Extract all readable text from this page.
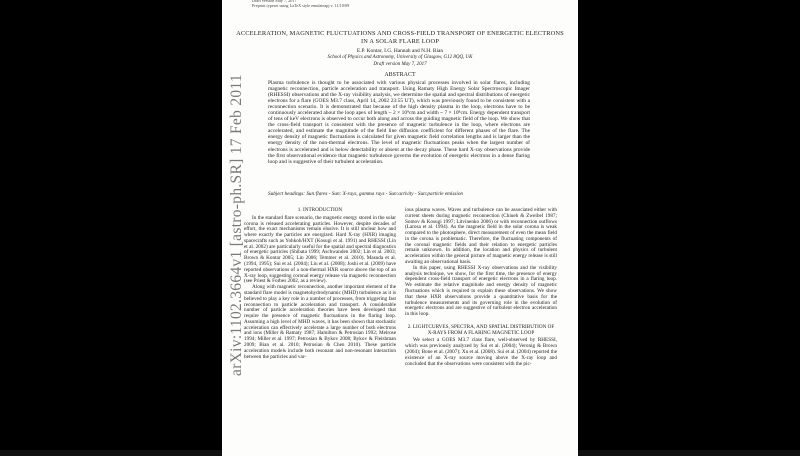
Draft version May 7, 2017
Preprint typeset using LaTeX style emulateapj v. 11/10/09
ACCELERATION, MAGNETIC FLUCTUATIONS AND CROSS-FIELD TRANSPORT OF ENERGETIC ELECTRONS IN A SOLAR FLARE LOOP
E.P. Kontar, I.G. Hannah and N.H. Bian
School of Physics and Astronomy, University of Glasgow, G12 8QQ, UK
Draft version May 7, 2017
ABSTRACT
Plasma turbulence is thought to be associated with various physical processes involved in solar flares, including magnetic reconnection, particle acceleration and transport. Using Ramaty High Energy Solar Spectroscopic Imager (RHESSI) observations and the X-ray visibility analysis, we determine the spatial and spectral distributions of energetic electrons for a flare (GOES M3.7 class, April 14, 2002 23:55 UT), which was previously found to be consistent with a reconnection scenario. It is demonstrated that because of the high density plasma in the loop, electrons have to be continuously accelerated about the loop apex of length ~ 2 × 10⁹cm and width ~ 7 × 10⁸cm. Energy dependent transport of tens of keV electrons is observed to occur both along and across the guiding magnetic field of the loop. We show that the cross-field transport is consistent with the presence of magnetic turbulence in the loop, where electrons are accelerated, and estimate the magnitude of the field line diffusion coefficient for different phases of the flare. The energy density of magnetic fluctuations is calculated for given magnetic field correlation lengths and is larger than the energy density of the non-thermal electrons. The level of magnetic fluctuations peaks when the largest number of electrons is accelerated and is below detectability or absent at the decay phase. These hard X-ray observations provide the first observational evidence that magnetic turbulence governs the evolution of energetic electrons in a dense flaring loop and is suggestive of their turbulent acceleration.
Subject headings: Sun:flares - Sun: X-rays, gamma rays - Sun:activity - Sun:particle emission
1. INTRODUCTION

In the standard flare scenario, the magnetic energy stored in the solar corona is released accelerating particles. However, despite decades of effort, the exact mechanisms remain elusive. It is still unclear how and where exactly the particles are energized. Hard X-ray (HXR) imaging spacecrafts such as Yohkoh/HXT (Kosugi et al. 1991) and RHESSI (Lin et al. 2002) are particularly useful for the spatial and spectral diagnostics of energetic particles (Shibata 1999; Aschwanden 2002; Lin et al. 2003; Brown & Kontar 2005; Lin 2006; Temmer et al. 2010). Masuda et al. (1994, 1995); Sui et al. (2004); Liu et al. (2008); Joshi et al. (2009) have reported observations of a non-thermal HXR source above the top of an X-ray loop, suggesting coronal energy release via magnetic reconnection (see Priest & Forbes 2002, as a review).

Along with magnetic reconnection, another important element of the standard flare model is magnetohydrodynamic (MHD) turbulence as it is believed to play a key role in a number of processes, from triggering fast reconnection to particle acceleration and transport. A considerable number of particle acceleration theories have been developed that require the presence of magnetic fluctuations in the flaring loop. Assuming a high level of MHD waves, it has been shown that stochastic acceleration can effectively accelerate a large number of both electrons and ions (Miller & Ramaty 1987; Hamilton & Petrosian 1992; Melrose 1994; Miller et al. 1997; Petrosian & Bykov 2008; Bykov & Fleishman 2009; Bian et al. 2010; Petrosian & Chen 2010). These particle acceleration models include both resonant and non-resonant interaction between the particles and var-

ious plasma waves. Waves and turbulence can be associated either with current sheets during magnetic reconnection (Chiueh & Zweibel 1987; Somov & Kosugi 1997; Litvinenko 2006) or with reconnection outflows (Larosa et al. 1994). As the magnetic field in the solar corona is weak compared to the photosphere, direct measurement of even the mean field in the corona is problematic. Therefore, the fluctuating components of the coronal magnetic fields and their relation to energetic particles remain unknown. In addition, the location and physics of turbulent acceleration within the general picture of magnetic energy release is still awaiting an observational basis.

In this paper, using RHESSI X-ray observations and the visibility analysis technique, we show, for the first time, the presence of energy dependent cross-field transport of energetic electrons in a flaring loop. We estimate the relative magnitude and energy density of magnetic fluctuations which is required to explain these observations. We show that these HXR observations provide a quantitative basis for the turbulence measurements and its governing role in the evolution of energetic electrons and are suggestive of turbulent electron acceleration in this loop.

2. LIGHTCURVES, SPECTRA, AND SPATIAL DISTRIBUTION OF X-RAYS FROM A FLARING MAGNETIC LOOP

We select a GOES M3.7 class flare, well-observed by RHESSI, which was previously analyzed by Sui et al. (2004); Veronig & Brown (2004); Bone et al. (2007); Xu et al. (2008). Sui et al. (2004) reported the existence of an X-ray source moving above the X-ray loop and concluded that the observations were consistent with the pic-

arXiv:1102.3664v1 [astro-ph.SR] 17 Feb 2011
